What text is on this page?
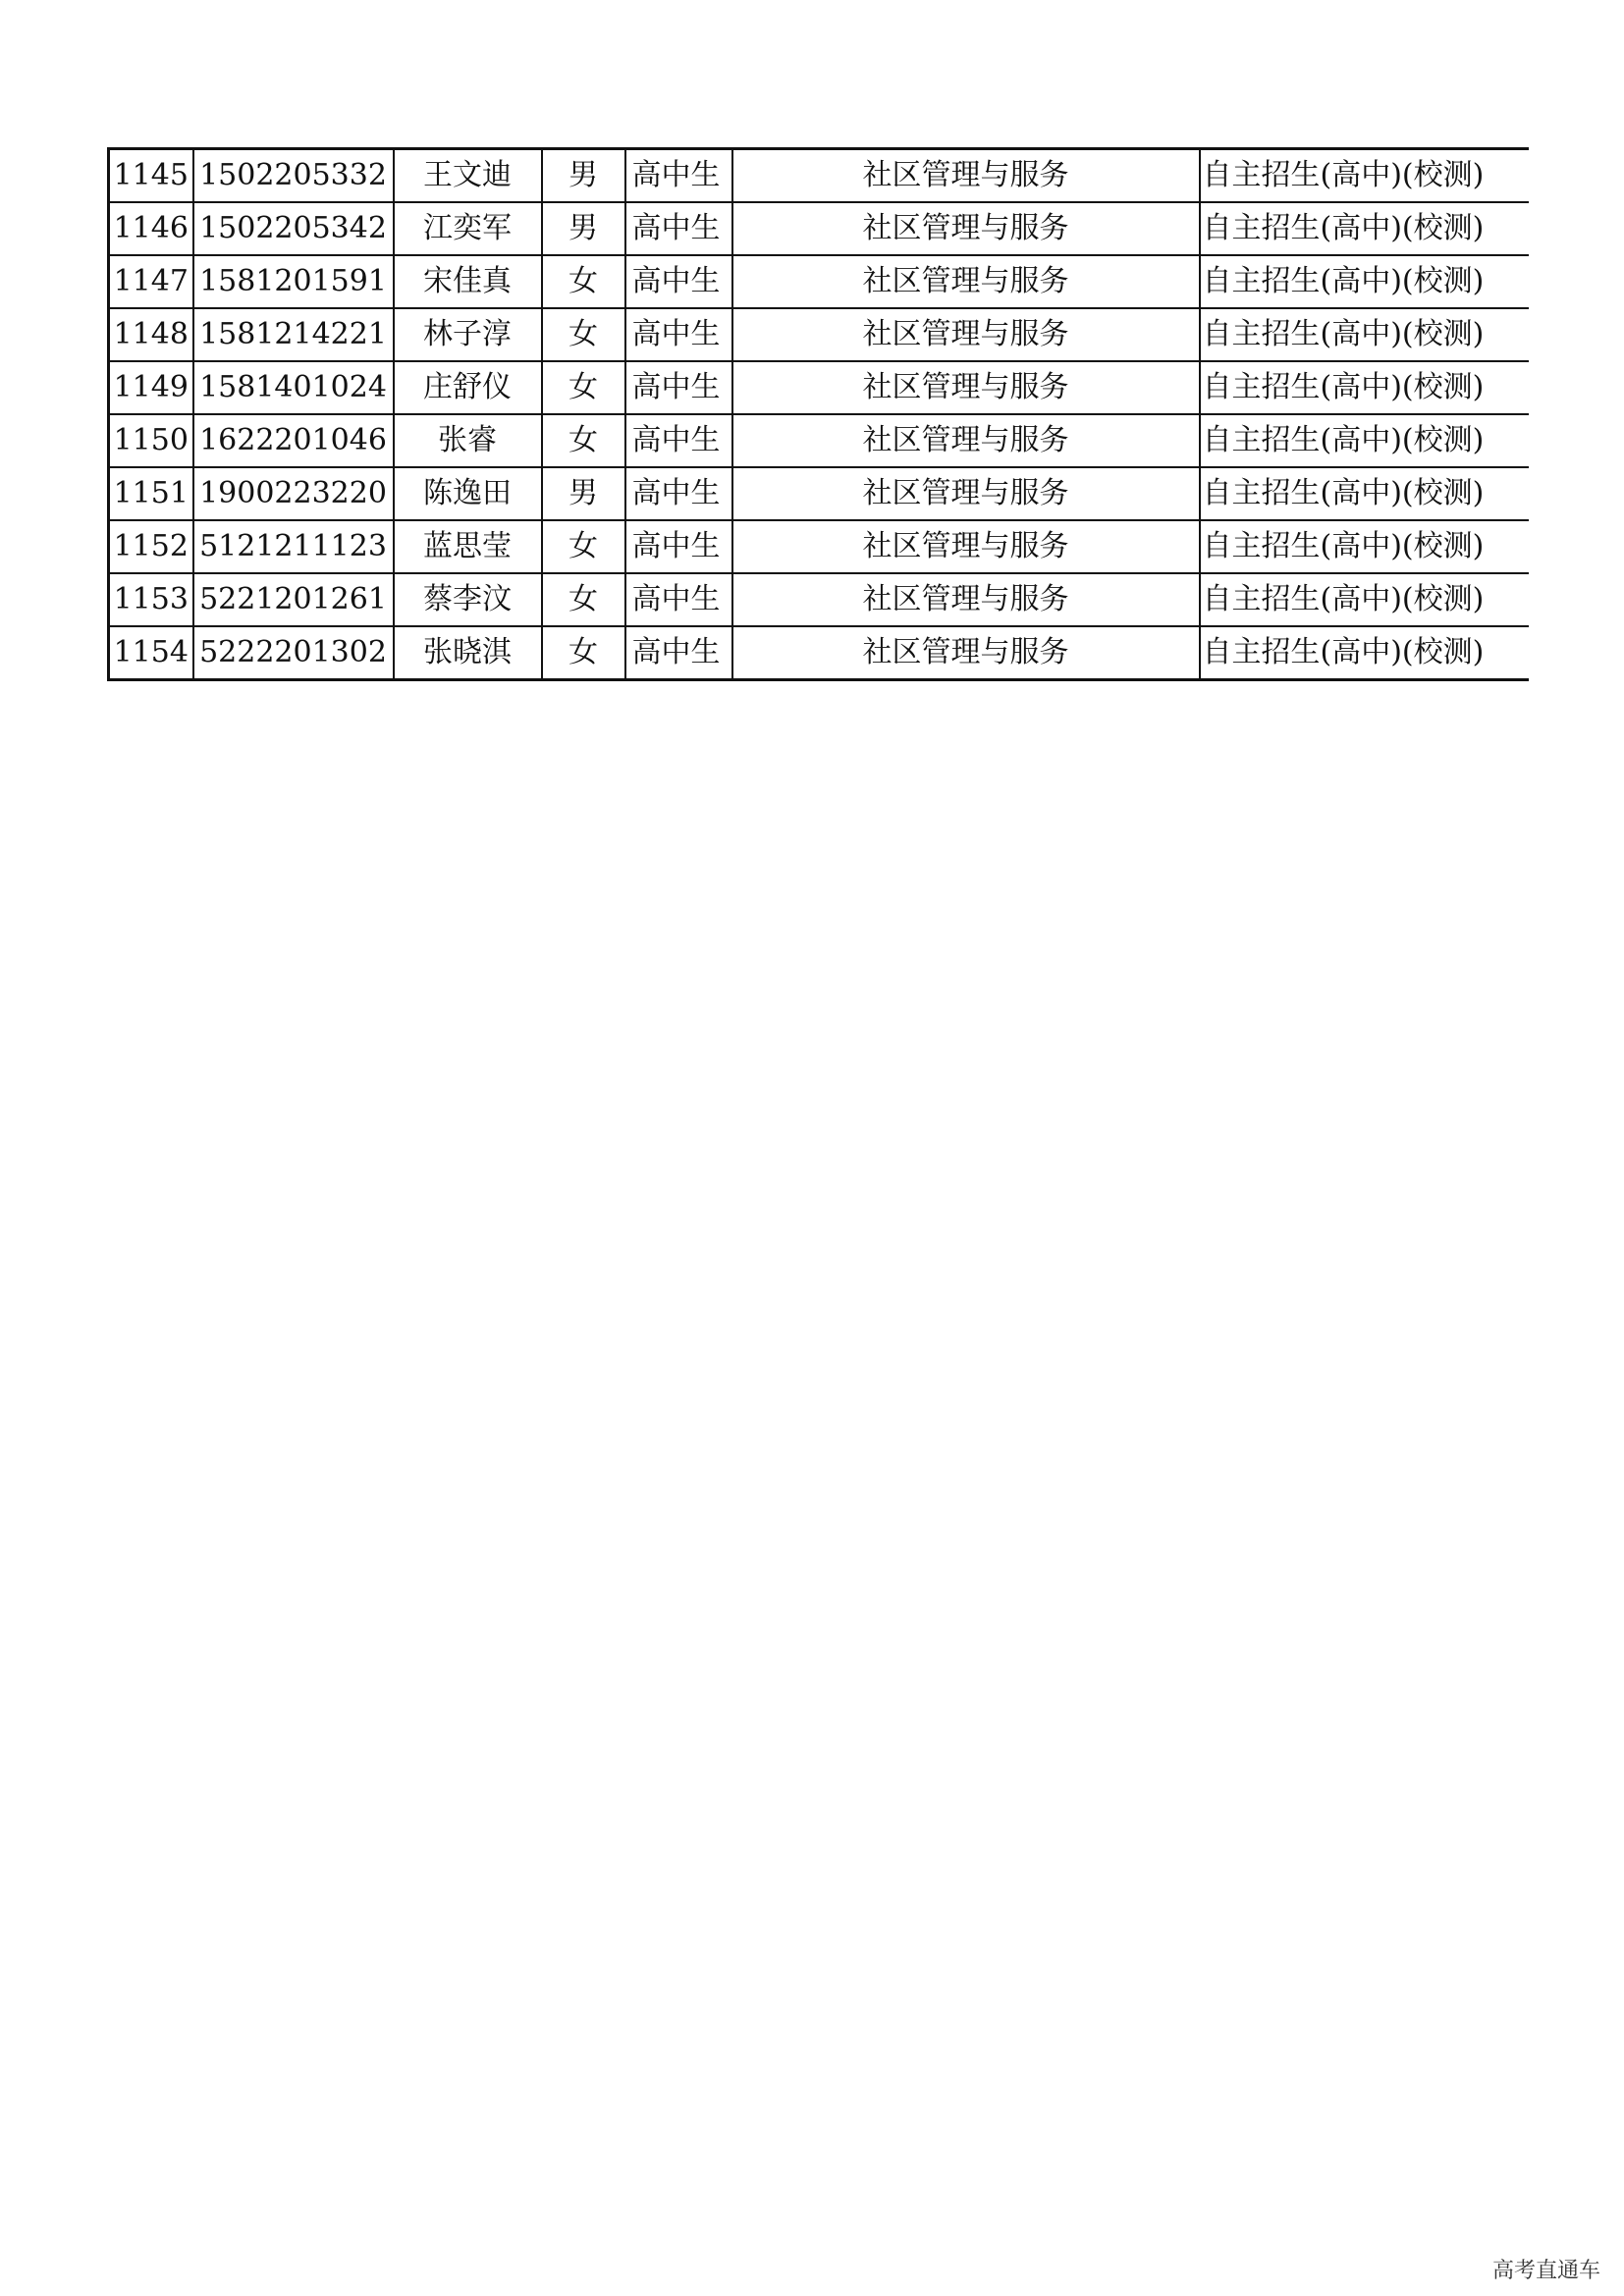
1145	1502205332	王文迪	男	高中生	社区管理与服务	自主招生(高中)(校测)
1146	1502205342	江奕军	男	高中生	社区管理与服务	自主招生(高中)(校测)
1147	1581201591	宋佳真	女	高中生	社区管理与服务	自主招生(高中)(校测)
1148	1581214221	林子淳	女	高中生	社区管理与服务	自主招生(高中)(校测)
1149	1581401024	庄舒仪	女	高中生	社区管理与服务	自主招生(高中)(校测)
1150	1622201046	张睿	女	高中生	社区管理与服务	自主招生(高中)(校测)
1151	1900223220	陈逸田	男	高中生	社区管理与服务	自主招生(高中)(校测)
1152	5121211123	蓝思莹	女	高中生	社区管理与服务	自主招生(高中)(校测)
1153	5221201261	蔡李汶	女	高中生	社区管理与服务	自主招生(高中)(校测)
1154	5222201302	张晓淇	女	高中生	社区管理与服务	自主招生(高中)(校测)
高考直通车
